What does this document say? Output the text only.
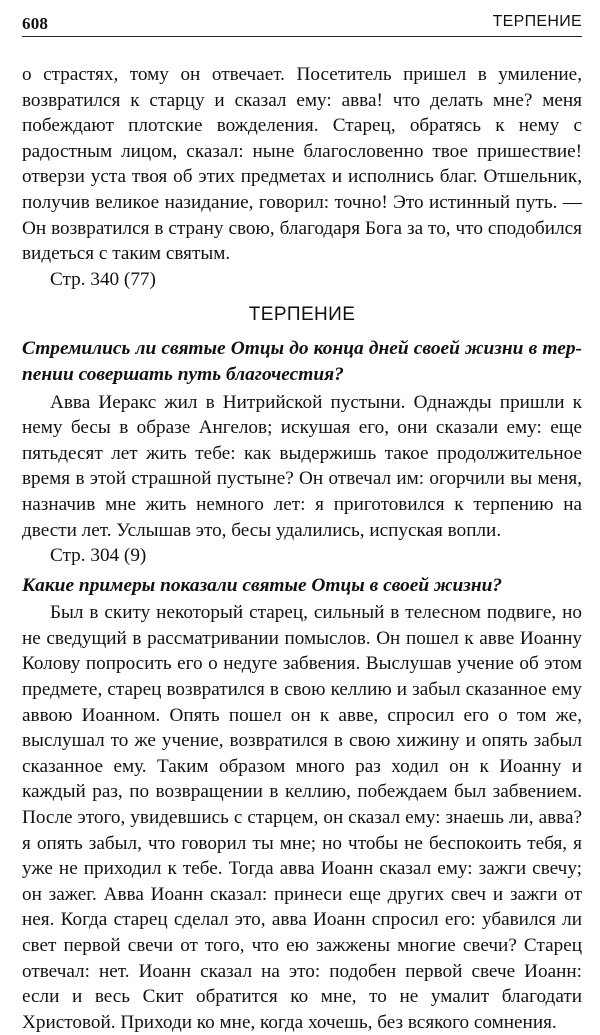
608	ТЕРПЕНИЕ

о страстях, тому он отвечает. Посетитель пришел в умиление, возвратился к старцу и сказал ему: авва! что делать мне? меня побеждают плотские вожделения. Старец, обратясь к нему с радостным лицом, сказал: ныне благословенно твое пришествие! отверзи уста твоя об этих предметах и исполнись благ. Отшельник, получив великое назидание, говорил: точно! Это истинный путь. — Он возвратился в страну свою, благодаря Бога за то, что сподобился видеться с таким святым.

Стр. 340 (77)
ТЕРПЕНИЕ
Стремились ли святые Отцы до конца дней своей жизни в терпении совершать путь благочестия?

Авва Иеракс жил в Нитрийской пустыни. Однажды пришли к нему бесы в образе Ангелов; искушая его, они сказали ему: еще пятьдесят лет жить тебе: как выдержишь такое продолжительное время в этой страшной пустыне? Он отвечал им: огорчили вы меня, назначив мне жить немного лет: я приготовился к терпению на двести лет. Услышав это, бесы удалились, испуская вопли.

Стр. 304 (9)
Какие примеры показали святые Отцы в своей жизни?

Был в скиту некоторый старец, сильный в телесном подвиге, но не сведущий в рассматривании помыслов. Он пошел к авве Иоанну Колову попросить его о недуге забвения. Выслушав учение об этом предмете, старец возвратился в свою келлию и забыл сказанное ему аввою Иоанном. Опять пошел он к авве, спросил его о том же, выслушал то же учение, возвратился в свою хижину и опять забыл сказанное ему. Таким образом много раз ходил он к Иоанну и каждый раз, по возвращении в келлию, побеждаем был забвением. После этого, увидевшись с старцем, он сказал ему: знаешь ли, авва? я опять забыл, что говорил ты мне; но чтобы не беспокоить тебя, я уже не приходил к тебе. Тогда авва Иоанн сказал ему: зажги свечу; он зажег. Авва Иоанн сказал: принеси еще других свеч и зажги от нея. Когда старец сделал это, авва Иоанн спросил его: убавился ли свет первой свечи от того, что ею зажжены многие свечи? Старец отвечал: нет. Иоанн сказал на это: подобен первой свече Иоанн: если и весь Скит обратится ко мне, то не умалит благодати Христовой. Приходи ко мне, когда хочешь, без всякого сомнения.
